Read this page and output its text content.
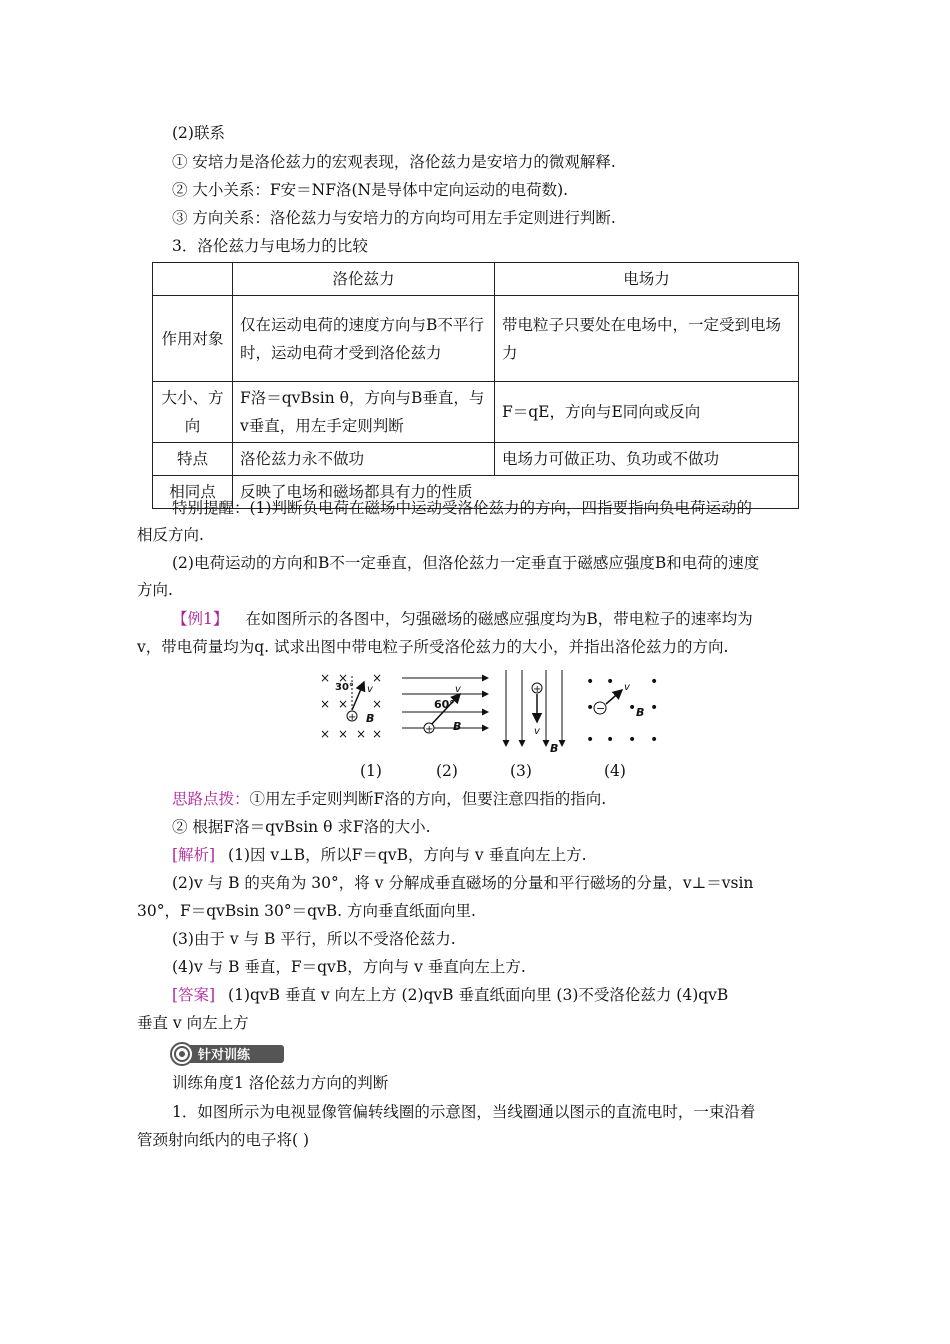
(2)联系
① 安培力是洛伦兹力的宏观表现，洛伦兹力是安培力的微观解释.
② 大小关系：F安＝NF洛(N是导体中定向运动的电荷数).
③ 方向关系：洛伦兹力与安培力的方向均可用左手定则进行判断.
3．洛伦兹力与电场力的比较
	洛伦兹力	电场力
作用对象	仅在运动电荷的速度方向与B不平行时，运动电荷才受到洛伦兹力	带电粒子只要处在电场中，一定受到电场力
大小、方向	F洛＝qvBsin θ，方向与B垂直，与v垂直，用左手定则判断	F＝qE，方向与E同向或反向
特点	洛伦兹力永不做功	电场力可做正功、负功或不做功
相同点	反映了电场和磁场都具有力的性质	
特别提醒：(1)判断负电荷在磁场中运动受洛伦兹力的方向，四指要指向负电荷运动的
相反方向.
(2)电荷运动的方向和B不一定垂直，但洛伦兹力一定垂直于磁感应强度B和电荷的速度
方向.
【例1】 在如图所示的各图中，匀强磁场的磁感应强度均为B，带电粒子的速率均为
v，带电荷量均为q. 试求出图中带电粒子所受洛伦兹力的大小，并指出洛伦兹力的方向.
× × ×
× × ×
× × × ×
30° v
+ B
v
60°
+ B
+
v
B
• •	•
• • •
• • • •
−
v
B
(1)	(2)	(3)	(4)
思路点拨：①用左手定则判断F洛的方向，但要注意四指的指向.
② 根据F洛＝qvBsin θ 求F洛的大小.
[解析] (1)因 v⊥B，所以F＝qvB，方向与 v 垂直向左上方.
(2)v 与 B 的夹角为 30°，将 v 分解成垂直磁场的分量和平行磁场的分量，v⊥＝vsin
30°，F＝qvBsin 30°＝qvB. 方向垂直纸面向里.
(3)由于 v 与 B 平行，所以不受洛伦兹力.
(4)v 与 B 垂直，F＝qvB，方向与 v 垂直向左上方.
[答案] (1)qvB 垂直 v 向左上方 (2)qvB 垂直纸面向里 (3)不受洛伦兹力 (4)qvB
垂直 v 向左上方
针对训练
训练角度1 洛伦兹力方向的判断
1．如图所示为电视显像管偏转线圈的示意图，当线圈通以图示的直流电时，一束沿着
管颈射向纸内的电子将( )
